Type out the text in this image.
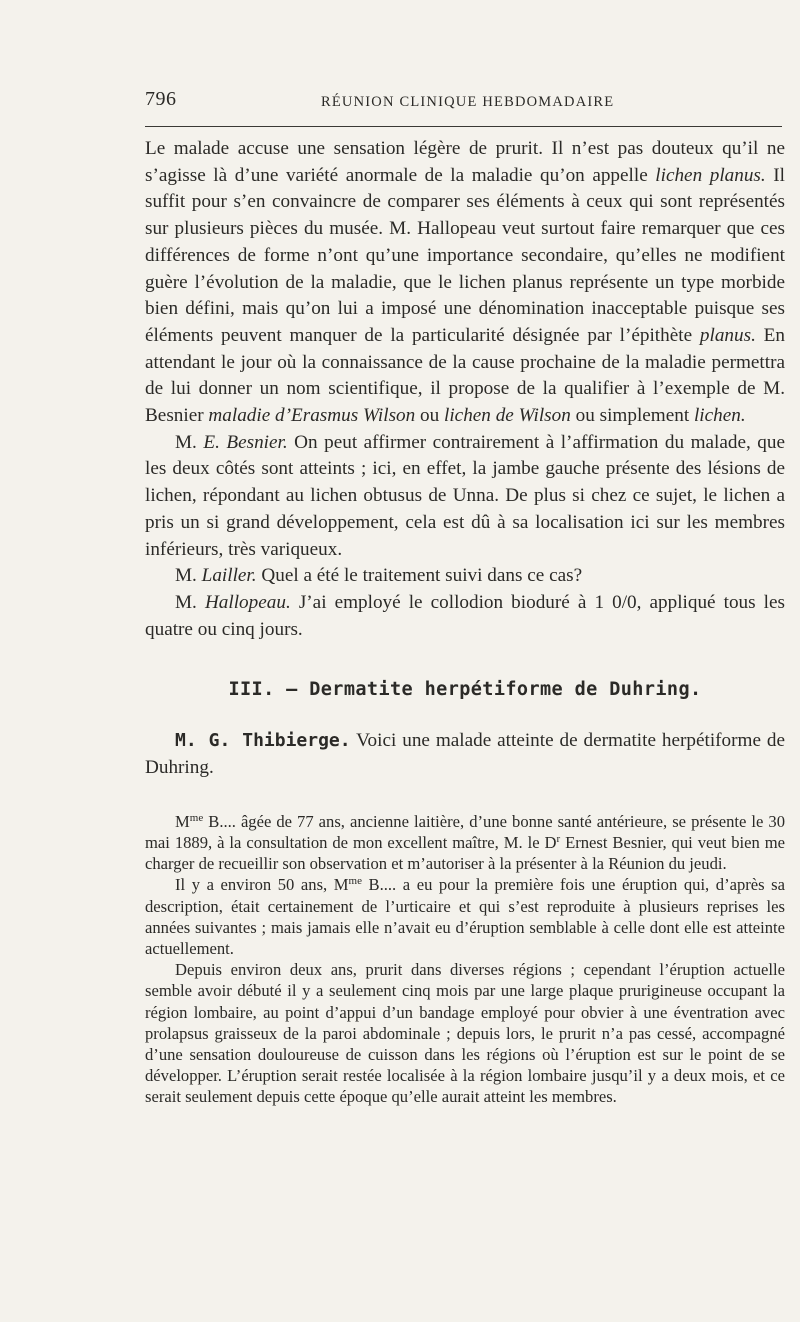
796	RÉUNION CLINIQUE HEBDOMADAIRE

Le malade accuse une sensation légère de prurit. Il n’est pas douteux qu’il ne s’agisse là d’une variété anormale de la maladie qu’on appelle lichen planus. Il suffit pour s’en convaincre de comparer ses éléments à ceux qui sont représentés sur plusieurs pièces du musée. M. Hallopeau veut surtout faire remarquer que ces différences de forme n’ont qu’une importance secondaire, qu’elles ne modifient guère l’évolution de la maladie, que le lichen planus représente un type morbide bien défini, mais qu’on lui a imposé une dénomination inacceptable puisque ses éléments peuvent manquer de la particularité désignée par l’épithète planus. En attendant le jour où la connaissance de la cause prochaine de la maladie permettra de lui donner un nom scientifique, il propose de la qualifier à l’exemple de M. Besnier maladie d’Erasmus Wilson ou lichen de Wilson ou simplement lichen.

M. E. Besnier. On peut affirmer contrairement à l’affirmation du malade, que les deux côtés sont atteints ; ici, en effet, la jambe gauche présente des lésions de lichen, répondant au lichen obtusus de Unna. De plus si chez ce sujet, le lichen a pris un si grand développement, cela est dû à sa localisation ici sur les membres inférieurs, très variqueux.

M. Lailler. Quel a été le traitement suivi dans ce cas?

M. Hallopeau. J’ai employé le collodion bioduré à 1 0/0, appliqué tous les quatre ou cinq jours.

III. — Dermatite herpétiforme de Duhring.

M. G. Thibierge. Voici une malade atteinte de dermatite herpétiforme de Duhring.

$M^{me}$ B.... âgée de 77 ans, ancienne laitière, d’une bonne santé antérieure, se présente le 30 mai 1889, à la consultation de mon excellent maître, M. le $D^r$ Ernest Besnier, qui veut bien me charger de recueillir son observation et m’autoriser à la présenter à la Réunion du jeudi.

Il y a environ 50 ans, $M^{me}$ B.... a eu pour la première fois une éruption qui, d’après sa description, était certainement de l’urticaire et qui s’est reproduite à plusieurs reprises les années suivantes ; mais jamais elle n’avait eu d’éruption semblable à celle dont elle est atteinte actuellement.

Depuis environ deux ans, prurit dans diverses régions ; cependant l’éruption actuelle semble avoir débuté il y a seulement cinq mois par une large plaque prurigineuse occupant la région lombaire, au point d’appui d’un bandage employé pour obvier à une éventration avec prolapsus graisseux de la paroi abdominale ; depuis lors, le prurit n’a pas cessé, accompagné d’une sensation douloureuse de cuisson dans les régions où l’éruption est sur le point de se développer. L’éruption serait restée localisée à la région lombaire jusqu’il y a deux mois, et ce serait seulement depuis cette époque qu’elle aurait atteint les membres.
